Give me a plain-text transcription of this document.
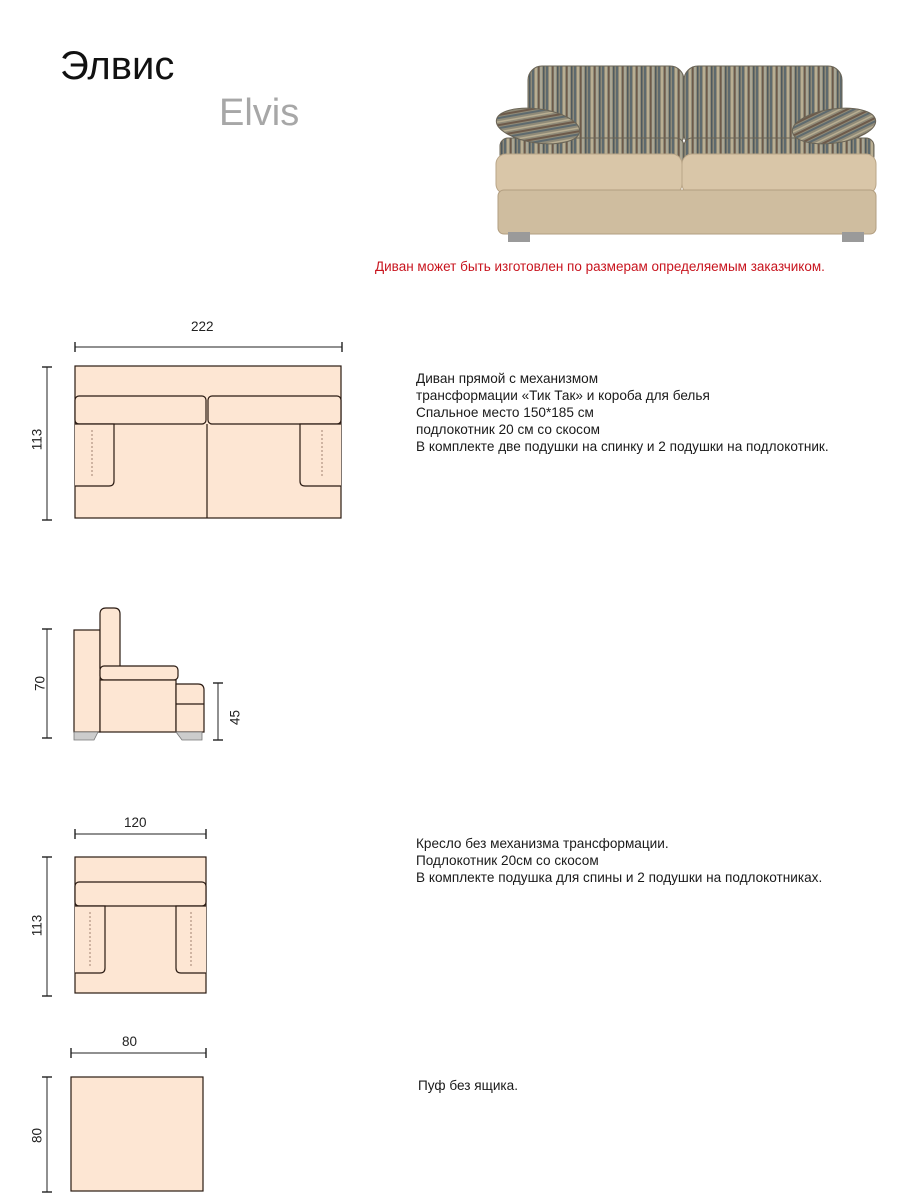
Элвис
Elvis
Диван может быть изготовлен по размерам определяемым заказчиком.
222
113
Диван прямой с механизмом
трансформации «Тик Так» и короба для белья
Спальное место 150*185 см
подлокотник 20 см со скосом
В комплекте две подушки на спинку и 2 подушки на подлокотник.
70
45
120
113
Кресло без механизма трансформации.
Подлокотник 20см со скосом
В комплекте подушка для спины и 2 подушки на подлокотниках.
80
80
Пуф без ящика.
